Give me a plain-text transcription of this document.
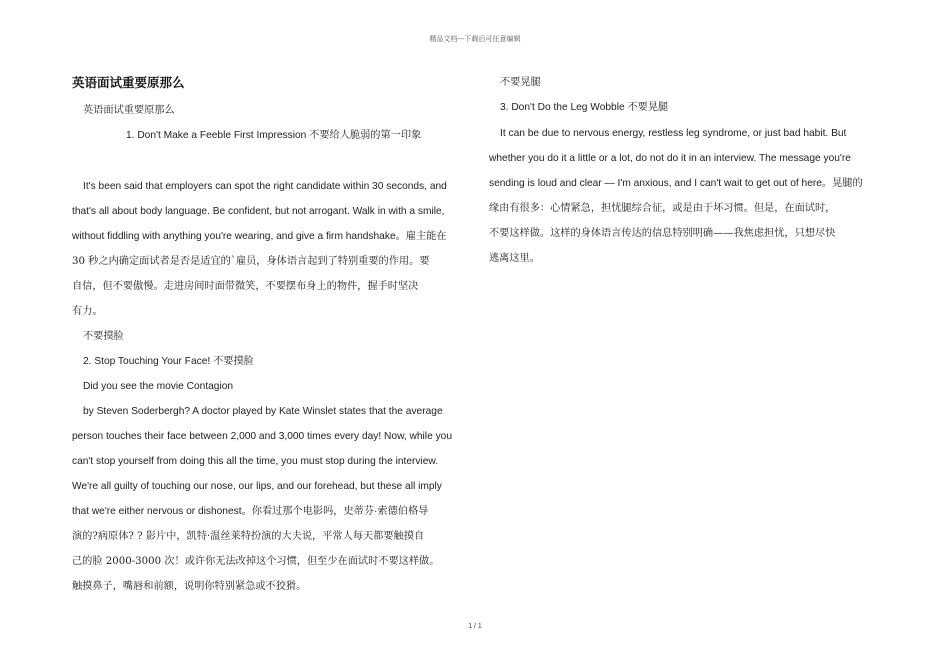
精品文档---下载后可任意编辑
英语面试重要原那么
英语面试重要原那么
1. Don't Make a Feeble First Impression 不要给人脆弱的第一印象
It's been said that employers can spot the right candidate within 30 seconds, and
that's all about body language. Be confident, but not arrogant. Walk in with a smile,
without fiddling with anything you're wearing, and give a firm handshake。雇主能在
30 秒之内确定面试者是否是适宜的`雇员，身体语言起到了特别重要的作用。要
自信，但不要傲慢。走进房间时面带微笑，不要摆布身上的物件，握手时坚决
有力。
不要摸脸
2. Stop Touching Your Face! 不要摸脸
Did you see the movie Contagion
by Steven Soderbergh? A doctor played by Kate Winslet states that the average
person touches their face between 2,000 and 3,000 times every day! Now, while you
can't stop yourself from doing this all the time, you must stop during the interview.
We're all guilty of touching our nose, our lips, and our forehead, but these all imply
that we're either nervous or dishonest。你看过那个电影吗，史蒂芬·索德伯格导
演的?病原体? ? 影片中，凯特·温丝莱特扮演的大夫说，平常人每天都要触摸自
己的脸 2000-3000 次！或许你无法改掉这个习惯，但至少在面试时不要这样做。
触摸鼻子，嘴唇和前额，说明你特别紧急或不狡猾。
不要晃腿
3. Don't Do the Leg Wobble 不要晃腿
It can be due to nervous energy, restless leg syndrome, or just bad habit. But
whether you do it a little or a lot, do not do it in an interview. The message you're
sending is loud and clear — I'm anxious, and I can't wait to get out of here。晃腿的
缘由有很多：心情紧急，担忧腿综合征，或是由于坏习惯。但是，在面试时，
不要这样做。这样的身体语言传达的信息特别明确——我焦虑担忧，只想尽快
逃离这里。
1 / 1
